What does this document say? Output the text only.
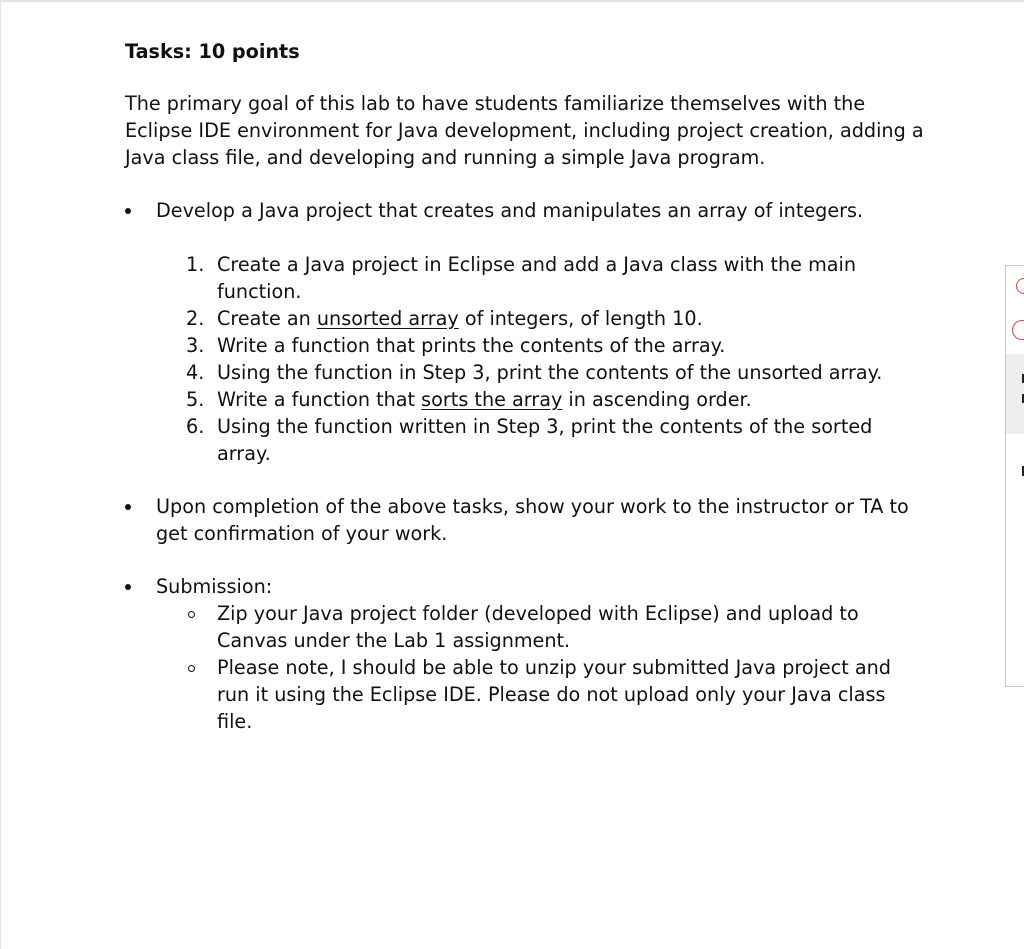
Tasks: 10 points
The primary goal of this lab to have students familiarize themselves with the Eclipse IDE environment for Java development, including project creation, adding a Java class file, and developing and running a simple Java program.
Develop a Java project that creates and manipulates an array of integers.
1. Create a Java project in Eclipse and add a Java class with the main function.
2. Create an unsorted array of integers, of length 10.
3. Write a function that prints the contents of the array.
4. Using the function in Step 3, print the contents of the unsorted array.
5. Write a function that sorts the array in ascending order.
6. Using the function written in Step 3, print the contents of the sorted array.
Upon completion of the above tasks, show your work to the instructor or TA to get confirmation of your work.
Submission:
Zip your Java project folder (developed with Eclipse) and upload to Canvas under the Lab 1 assignment.
Please note, I should be able to unzip your submitted Java project and run it using the Eclipse IDE. Please do not upload only your Java class file.
